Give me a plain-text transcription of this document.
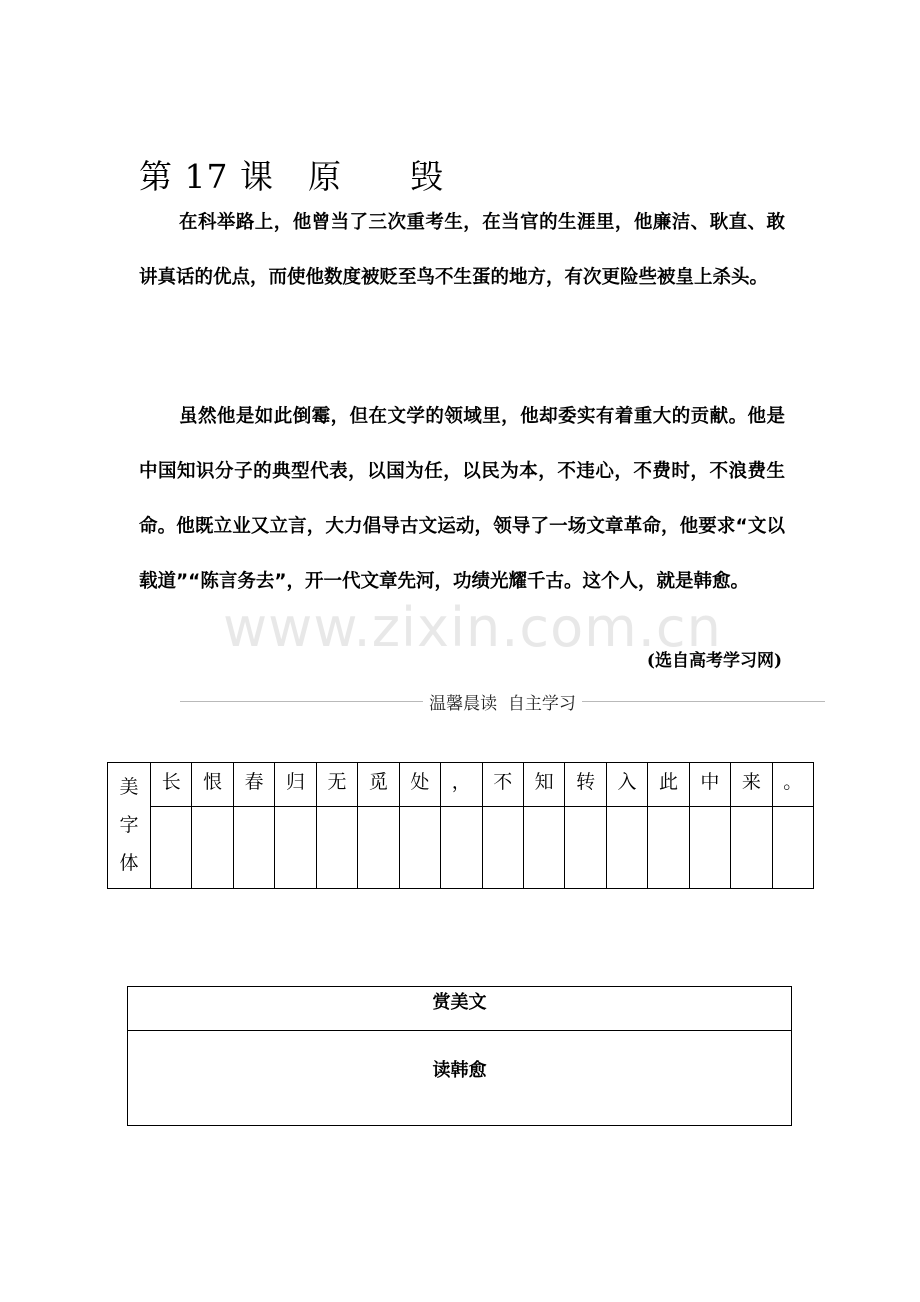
第 17 课　原　　毁

在科举路上，他曾当了三次重考生，在当官的生涯里，他廉洁、耿直、敢讲真话的优点，而使他数度被贬至鸟不生蛋的地方，有次更险些被皇上杀头。

虽然他是如此倒霉，但在文学的领域里，他却委实有着重大的贡献。他是中国知识分子的典型代表，以国为任，以民为本，不违心，不费时，不浪费生命。他既立业又立言，大力倡导古文运动，领导了一场文章革命，他要求“文以载道”“陈言务去”，开一代文章先河，功绩光耀千古。这个人，就是韩愈。

www.zixin.com.cn
(选自高考学习网)
温馨晨读  自主学习
美
字
体	长	恨	春	归	无	觅	处	，	不	知	转	入	此	中	来	。

赏美文
读韩愈
